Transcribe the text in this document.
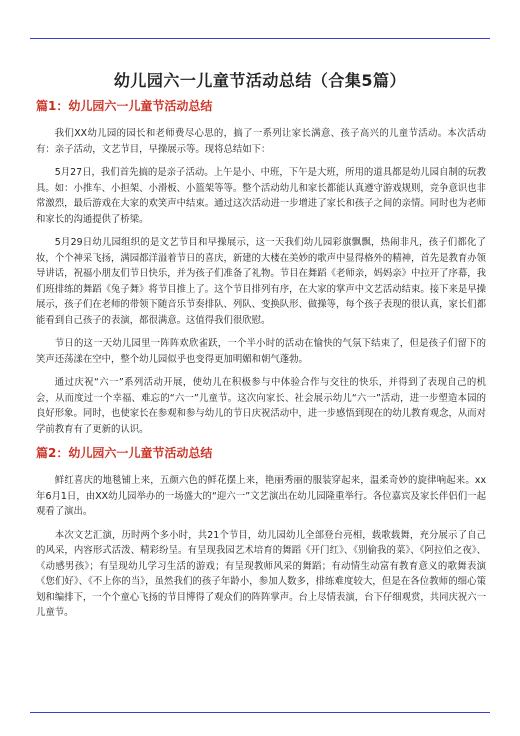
幼儿园六一儿童节活动总结（合集5篇）
篇1：幼儿园六一儿童节活动总结

我们XX幼儿园的园长和老师费尽心思的，搞了一系列让家长满意、孩子高兴的儿童节活动。本次活动有：亲子活动，文艺节目，早操展示等。现将总结如下：

5月27日，我们首先搞的是亲子活动。上午是小、中班，下午是大班，所用的道具都是幼儿园自制的玩教具。如：小推车、小担架、小滑板、小篮架等等。整个活动幼儿和家长都能认真遵守游戏规则，竞争意识也非常激烈，最后游戏在大家的欢笑声中结束。通过这次活动进一步增进了家长和孩子之间的亲情。同时也为老师和家长的沟通提供了桥梁。

5月29日幼儿园组织的是文艺节目和早操展示，这一天我们幼儿园彩旗飘飘，热闹非凡，孩子们都化了妆，个个神采飞扬，满园都洋溢着节日的喜庆，新建的大楼在美妙的歌声中显得格外的精神，首先是教育办领导讲话，祝福小朋友们节日快乐，并为孩子们准备了礼物。节目在舞蹈《老师亲，妈妈亲》中拉开了序幕，我们班排练的舞蹈《兔子舞》将节目推上了。这个节目排列有序，在大家的掌声中文艺活动结束。接下来是早操展示，孩子们在老师的带领下随音乐节奏排队、列队、变换队形、做操等，每个孩子表现的很认真，家长们都能看到自己孩子的表演，都很满意。这值得我们很欣慰。

节日的这一天幼儿园里一阵阵欢欣雀跃，一个半小时的活动在愉快的气氛下结束了，但是孩子们留下的笑声还荡漾在空中，整个幼儿园似乎也变得更加明媚和朝气蓬勃。

通过庆祝“六一”系列活动开展，使幼儿在积极参与中体验合作与交往的快乐，并得到了表现自己的机会，从而度过一个幸福、难忘的“六一”儿童节。这次向家长、社会展示幼儿“六一”活动，进一步塑造本园的良好形象。同时，也使家长在参观和参与幼儿的节日庆祝活动中，进一步感悟到现在的幼儿教育观念，从而对学前教育有了更新的认识。

篇2：幼儿园六一儿童节活动总结

鲜红喜庆的地毯铺上来，五颜六色的鲜花摆上来，艳丽秀丽的服装穿起来，温柔奇妙的旋律响起来。xx年6月1日，由XX幼儿园举办的一场盛大的“迎六一”文艺演出在幼儿园隆重举行。各位嘉宾及家长伴侣们一起观看了演出。

本次文艺汇演，历时两个多小时，共21个节目，幼儿园幼儿全部登台亮相，载歌载舞，充分展示了自己的风采，内容形式活泼、精彩纷呈。有呈现我园艺术培育的舞蹈《开门红》、《别偷我的菜》、《阿拉伯之夜》、《动感男孩》；有呈现幼儿学习生活的游戏；有呈现教师风采的舞蹈；有动情生动富有教育意义的歌舞表演《您们好》、《不上你的当》，虽然我们的孩子年龄小，参加人数多，排练难度较大，但是在各位教师的细心策划和编排下，一个个童心飞扬的节目博得了观众们的阵阵掌声。台上尽情表演，台下仔细观赏，共同庆祝六一儿童节。
